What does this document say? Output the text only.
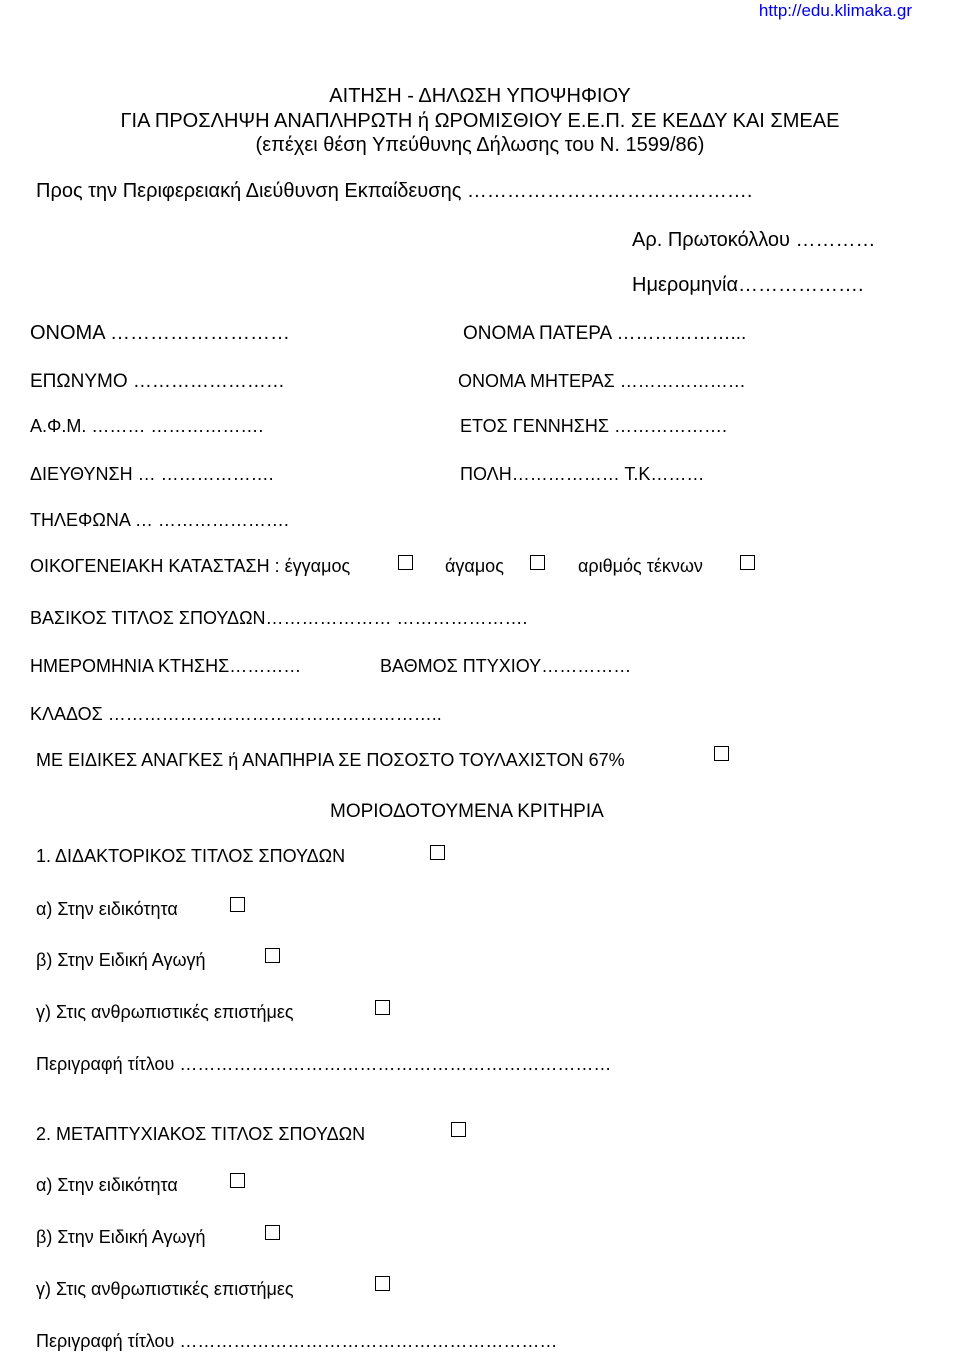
http://edu.klimaka.gr
ΑΙΤΗΣΗ - ΔΗΛΩΣΗ ΥΠΟΨΗΦΙΟΥ
ΓΙΑ ΠΡΟΣΛΗΨΗ ΑΝΑΠΛΗΡΩΤΗ ή ΩΡΟΜΙΣΘΙΟΥ Ε.Ε.Π. ΣΕ ΚΕΔΔΥ ΚΑΙ ΣΜΕΑΕ
(επέχει θέση Υπεύθυνης Δήλωσης του Ν. 1599/86)
Προς την Περιφερειακή Διεύθυνση Εκπαίδευσης …………………………………….
Αρ. Πρωτοκόλλου …………
Ημερομηνία……………….
ΟΝΟΜΑ ………………………	ΟΝΟΜΑ ΠΑΤΕΡΑ ………………...
ΕΠΩΝΥΜΟ ……………………	ΟΝΟΜΑ ΜΗΤΕΡΑΣ …………………
Α.Φ.Μ. ……… ……………….	ΕΤΟΣ ΓΕΝΝΗΣΗΣ ……………….
ΔΙΕΥΘΥΝΣΗ … ……………….	ΠΟΛΗ……………… Τ.Κ………
ΤΗΛΕΦΩΝΑ … ………………….
ΟΙΚΟΓΕΝΕΙΑΚΗ ΚΑΤΑΣΤΑΣΗ : έγγαμος	άγαμος	αριθμός τέκνων
ΒΑΣΙΚΟΣ ΤΙΤΛΟΣ ΣΠΟΥΔΩΝ………………… ………………….
ΗΜΕΡΟΜΗΝΙΑ ΚΤΗΣΗΣ…………	ΒΑΘΜΟΣ ΠΤΥΧΙΟΥ……………
ΚΛΑΔΟΣ ………………………………………………..
ΜΕ ΕΙΔΙΚΕΣ ΑΝΑΓΚΕΣ ή ΑΝΑΠΗΡΙΑ ΣΕ ΠΟΣΟΣΤΟ ΤΟΥΛΑΧΙΣΤΟΝ 67%
ΜΟΡΙΟΔΟΤΟΥΜΕΝΑ ΚΡΙΤΗΡΙΑ
1. ΔΙΔΑΚΤΟΡΙΚΟΣ ΤΙΤΛΟΣ ΣΠΟΥΔΩΝ
α) Στην ειδικότητα
β) Στην Ειδική Αγωγή
γ) Στις ανθρωπιστικές επιστήμες
Περιγραφή τίτλου ………………………………………………………………
2. ΜΕΤΑΠΤΥΧΙΑΚΟΣ ΤΙΤΛΟΣ ΣΠΟΥΔΩΝ
α) Στην ειδικότητα
β) Στην Ειδική Αγωγή
γ) Στις ανθρωπιστικές επιστήμες
Περιγραφή τίτλου ………………………………………………………
